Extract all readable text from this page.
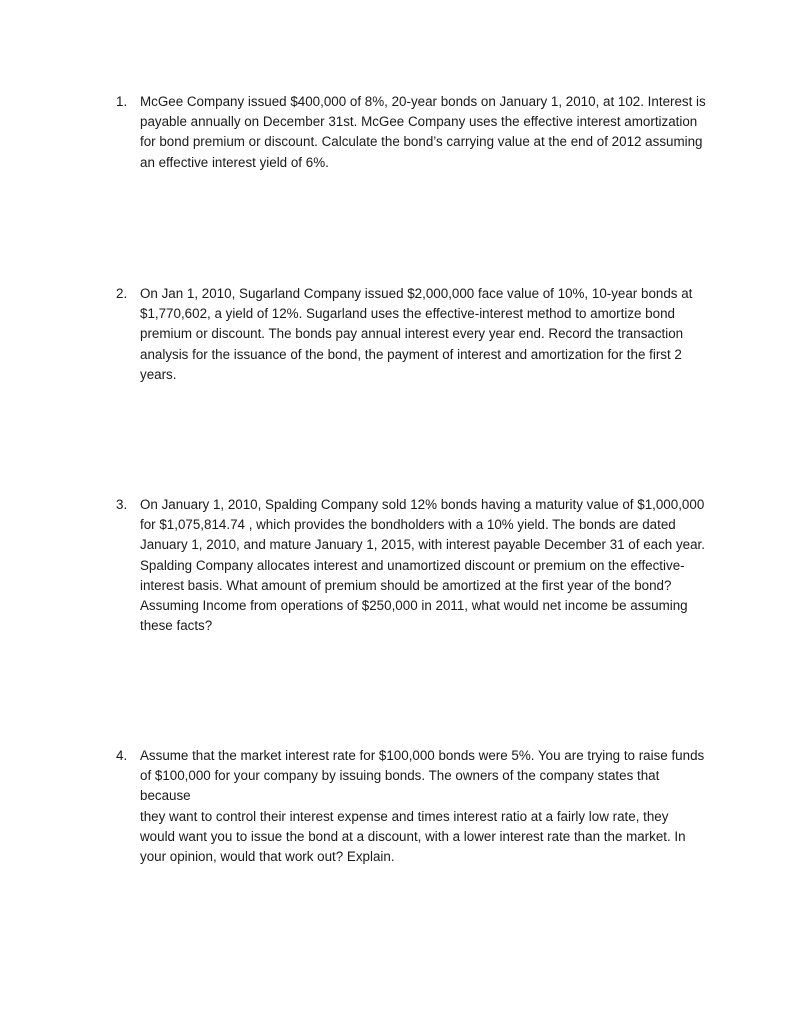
1. McGee Company issued $400,000 of 8%, 20-year bonds on January 1, 2010, at 102. Interest is
payable annually on December 31st. McGee Company uses the effective interest amortization
for bond premium or discount. Calculate the bond’s carrying value at the end of 2012 assuming
an effective interest yield of 6%.
2. On Jan 1, 2010, Sugarland Company issued $2,000,000 face value of 10%, 10-year bonds at
$1,770,602, a yield of 12%. Sugarland uses the effective-interest method to amortize bond
premium or discount. The bonds pay annual interest every year end. Record the transaction
analysis for the issuance of the bond, the payment of interest and amortization for the first 2
years.
3. On January 1, 2010, Spalding Company sold 12% bonds having a maturity value of $1,000,000
for $1,075,814.74 , which provides the bondholders with a 10% yield. The bonds are dated
January 1, 2010, and mature January 1, 2015, with interest payable December 31 of each year.
Spalding Company allocates interest and unamortized discount or premium on the effective-
interest basis. What amount of premium should be amortized at the first year of the bond?
Assuming Income from operations of $250,000 in 2011, what would net income be assuming
these facts?
4. Assume that the market interest rate for $100,000 bonds were 5%. You are trying to raise funds
of $100,000 for your company by issuing bonds. The owners of the company states that because
they want to control their interest expense and times interest ratio at a fairly low rate, they
would want you to issue the bond at a discount, with a lower interest rate than the market. In
your opinion, would that work out? Explain.
